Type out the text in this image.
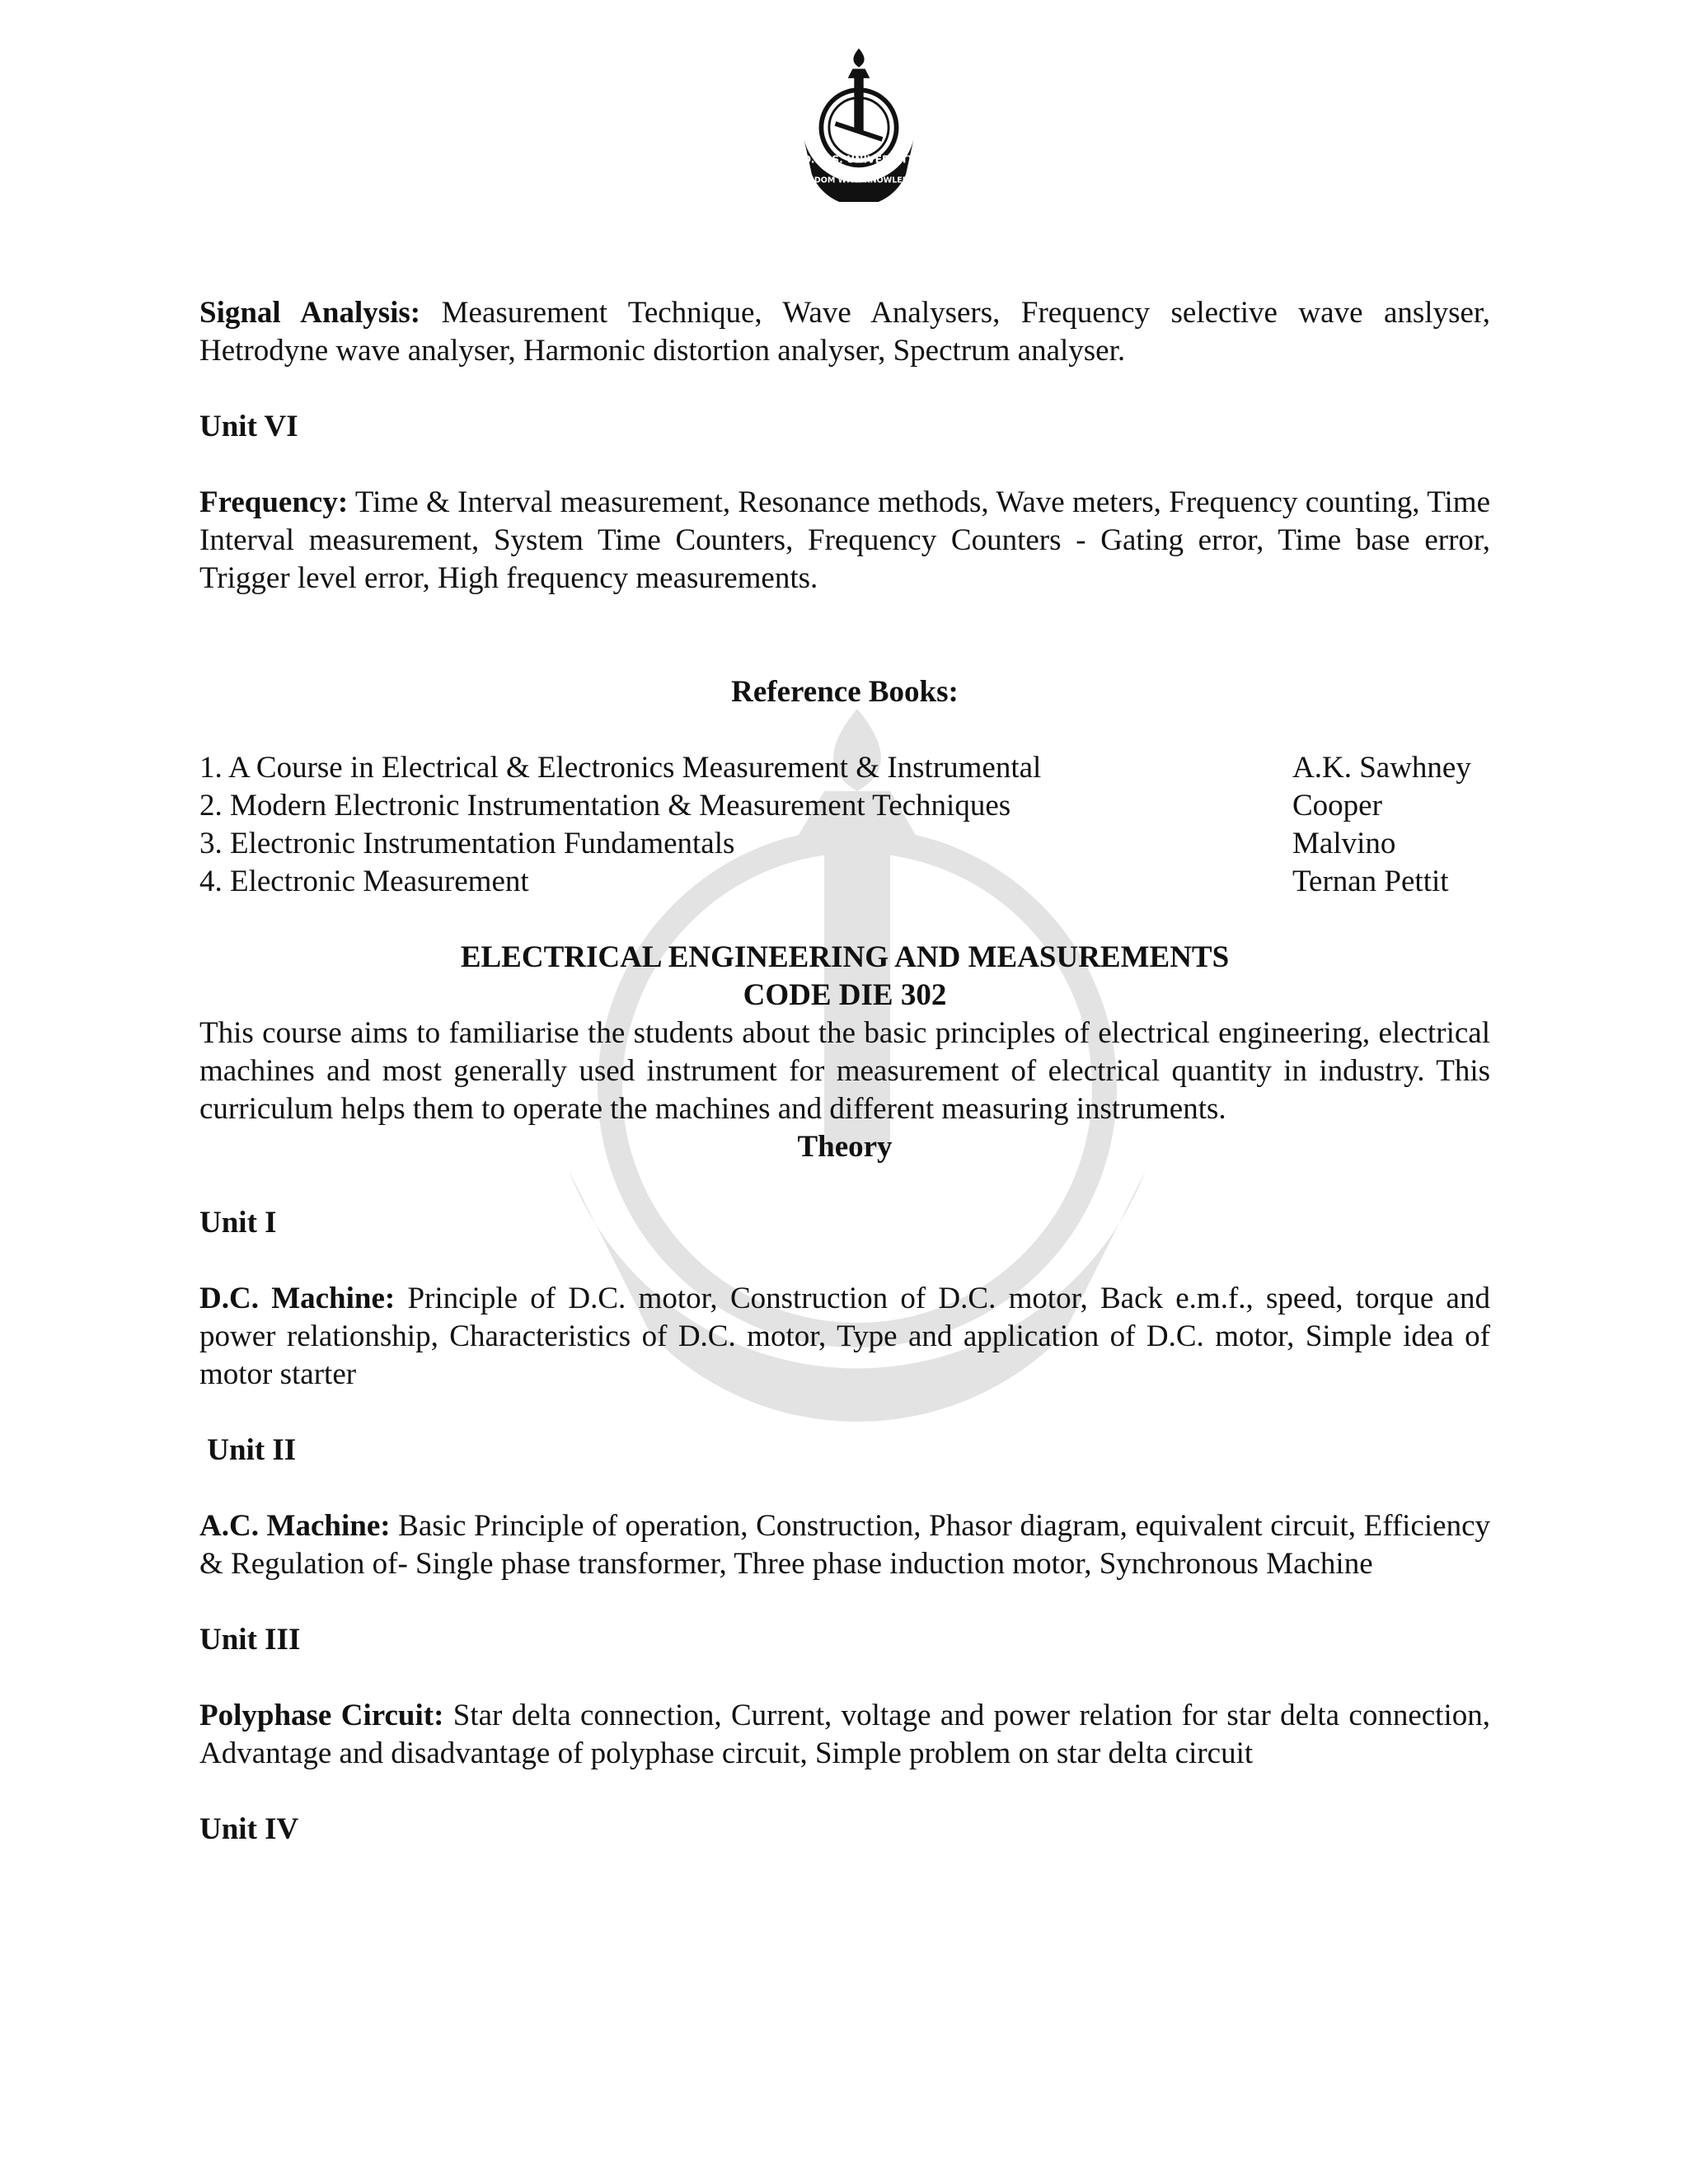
O.P.J.S. UNIVERSITY
WISDOM WITH KNOWLEDGE

Signal Analysis: Measurement Technique, Wave Analysers, Frequency selective wave anslyser, Hetrodyne wave analyser, Harmonic distortion analyser, Spectrum analyser.

Unit VI

Frequency: Time & Interval measurement, Resonance methods, Wave meters, Frequency counting, Time Interval measurement, System Time Counters, Frequency Counters - Gating error, Time base error, Trigger level error, High frequency measurements.

Reference Books:

1. A Course in Electrical & Electronics Measurement & Instrumental	A.K. Sawhney
2. Modern Electronic Instrumentation & Measurement Techniques	Cooper
3. Electronic Instrumentation Fundamentals	Malvino
4. Electronic Measurement	Ternan Pettit

ELECTRICAL ENGINEERING AND MEASUREMENTS

CODE DIE 302

This course aims to familiarise the students about the basic principles of electrical engineering, electrical machines and most generally used instrument for measurement of electrical quantity in industry. This curriculum helps them to operate the machines and different measuring instruments.

Theory

Unit I

D.C. Machine: Principle of D.C. motor, Construction of D.C. motor, Back e.m.f., speed, torque and power relationship, Characteristics of D.C. motor, Type and application of D.C. motor, Simple idea of motor starter

Unit II

A.C. Machine: Basic Principle of operation, Construction, Phasor diagram, equivalent circuit, Efficiency & Regulation of- Single phase transformer, Three phase induction motor, Synchronous Machine

Unit III

Polyphase Circuit: Star delta connection, Current, voltage and power relation for star delta connection, Advantage and disadvantage of polyphase circuit, Simple problem on star delta circuit

Unit IV
